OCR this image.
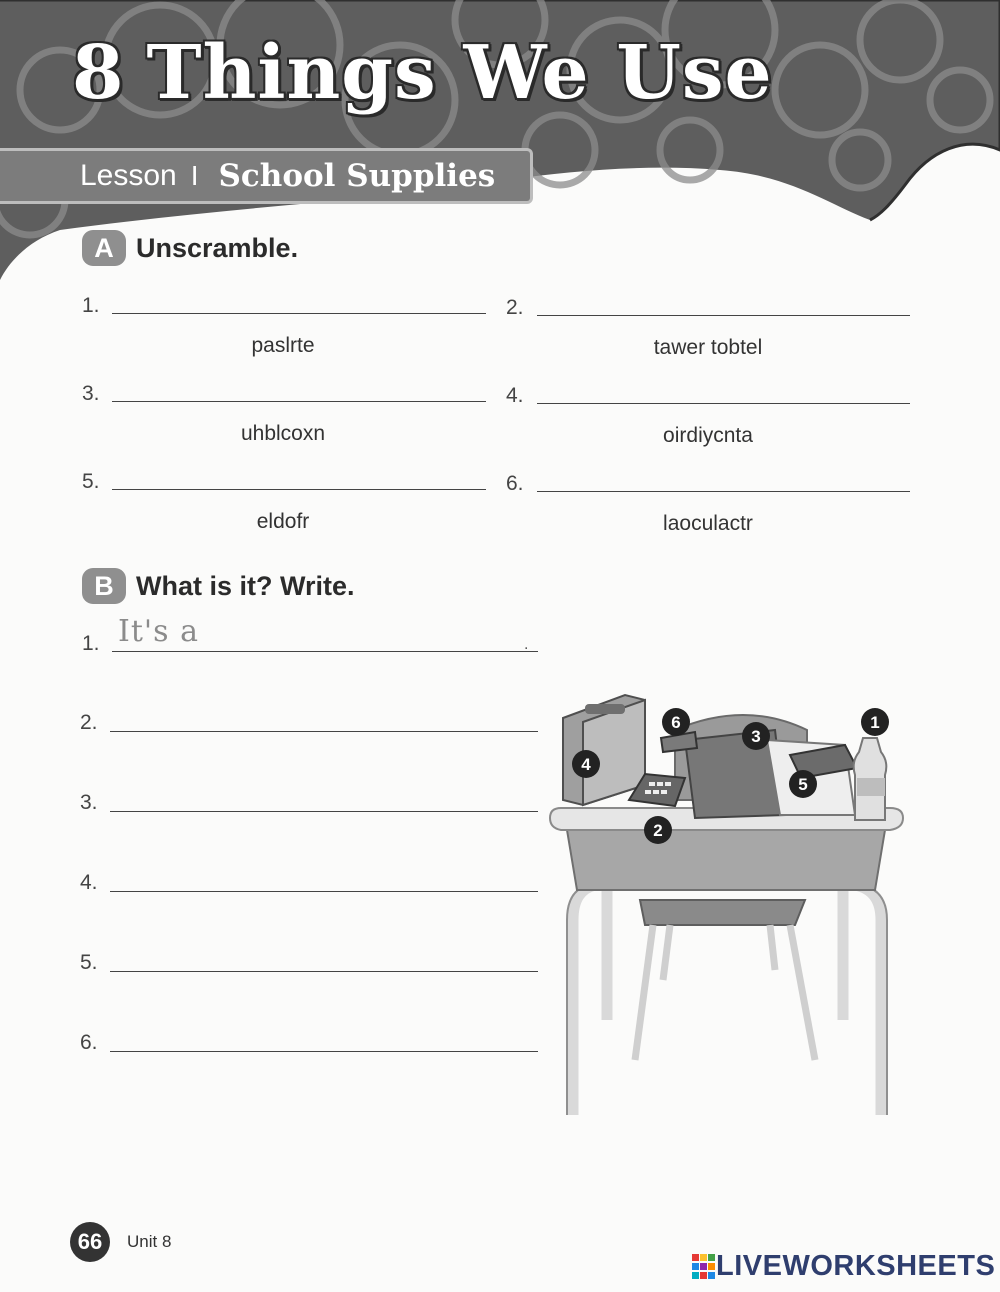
8 Things We Use
Lesson I School Supplies
A Unscramble.
1.
paslrte
2.
tawer tobtel
3.
uhblcoxn
4.
oirdiycnta
5.
eldofr
6.
laoculactr
B What is it? Write.
1. It's a	.
2.
3.
4.
5.
6.
1
2
3
4
5
6
66	Unit 8
LIVEWORKSHEETS
